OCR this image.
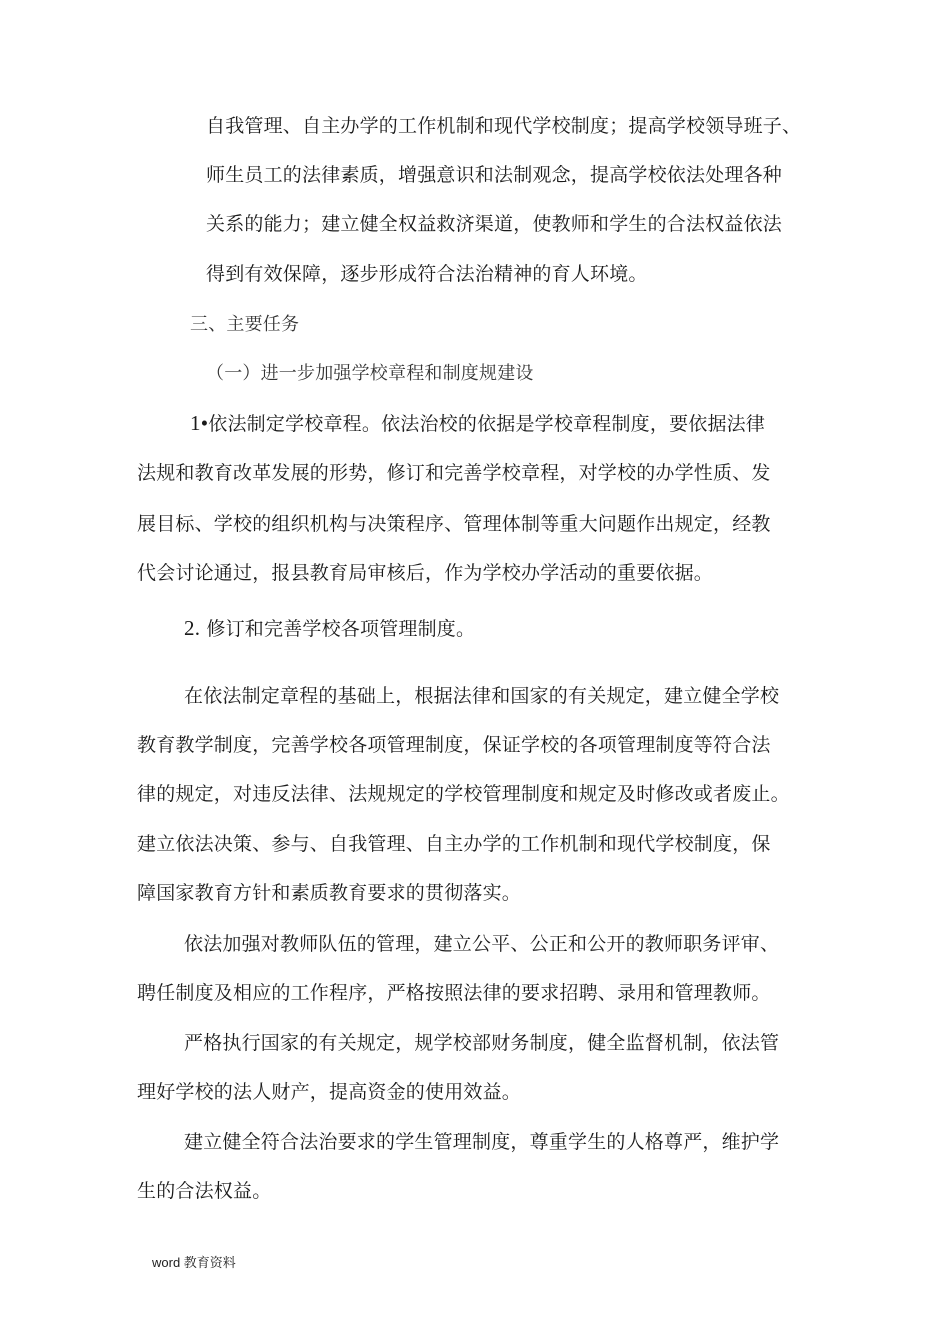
自我管理、自主办学的工作机制和现代学校制度；提高学校领导班子、
师生员工的法律素质，增强意识和法制观念，提高学校依法处理各种
关系的能力；建立健全权益救济渠道，使教师和学生的合法权益依法
得到有效保障，逐步形成符合法治精神的育人环境。
三、主要任务
（一）进一步加强学校章程和制度规建设
1•依法制定学校章程。依法治校的依据是学校章程制度，要依据法律
法规和教育改革发展的形势，修订和完善学校章程，对学校的办学性质、发
展目标、学校的组织机构与决策程序、管理体制等重大问题作出规定，经教
代会讨论通过，报县教育局审核后，作为学校办学活动的重要依据。
2. 修订和完善学校各项管理制度。
在依法制定章程的基础上，根据法律和国家的有关规定，建立健全学校
教育教学制度，完善学校各项管理制度，保证学校的各项管理制度等符合法
律的规定，对违反法律、法规规定的学校管理制度和规定及时修改或者废止。
建立依法决策、参与、自我管理、自主办学的工作机制和现代学校制度，保
障国家教育方针和素质教育要求的贯彻落实。
依法加强对教师队伍的管理，建立公平、公正和公开的教师职务评审、
聘任制度及相应的工作程序，严格按照法律的要求招聘、录用和管理教师。
严格执行国家的有关规定，规学校部财务制度，健全监督机制，依法管
理好学校的法人财产，提高资金的使用效益。
建立健全符合法治要求的学生管理制度，尊重学生的人格尊严，维护学
生的合法权益。
word 教育资料
